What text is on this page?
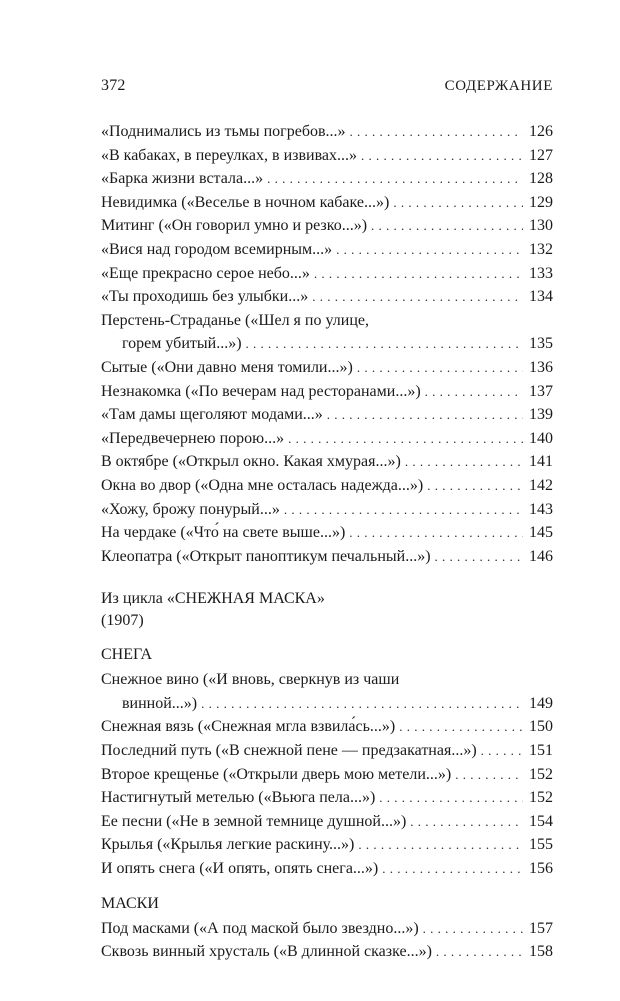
372	СОДЕРЖАНИЕ
«Поднимались из тьмы погребов...» . . .	126
«В кабаках, в переулках, в извивах...» . . .	127
«Барка жизни встала...» . . .	128
Невидимка («Веселье в ночном кабаке...») . . .	129
Митинг («Он говорил умно и резко...») . . .	130
«Вися над городом всемирным...» . . .	132
«Еще прекрасно серое небо...» . . .	133
«Ты проходишь без улыбки...» . . .	134
Перстень-Страданье («Шел я по улице,
горем убитый...») . . .	135
Сытые («Они давно меня томили...») . . .	136
Незнакомка («По вечерам над ресторанами...») . . .	137
«Там дамы щеголяют модами...» . . .	139
«Передвечернею порою...» . . .	140
В октябре («Открыл окно. Какая хмурая...») . . .	141
Окна во двор («Одна мне осталась надежда...») . . .	142
«Хожу, брожу понурый...» . . .	143
На чердаке («Что́ на свете выше...») . . .	145
Клеопатра («Открыт паноптикум печальный...») . . .	146
Из цикла «СНЕЖНАЯ МАСКА»
(1907)
СНЕГА
Снежное вино («И вновь, сверкнув из чаши
винной...») . . .	149
Снежная вязь («Снежная мгла взвила́сь...») . . .	150
Последний путь («В снежной пене — предзакатная...») . . .	151
Второе крещенье («Открыли дверь мою метели...») . . .	152
Настигнутый метелью («Вьюга пела...») . . .	152
Ее песни («Не в земной темнице душной...») . . .	154
Крылья («Крылья легкие раскину...») . . .	155
И опять снега («И опять, опять снега...») . . .	156
МАСКИ
Под масками («А под маской было звездно...») . . .	157
Сквозь винный хрусталь («В длинной сказке...») . . .	158
